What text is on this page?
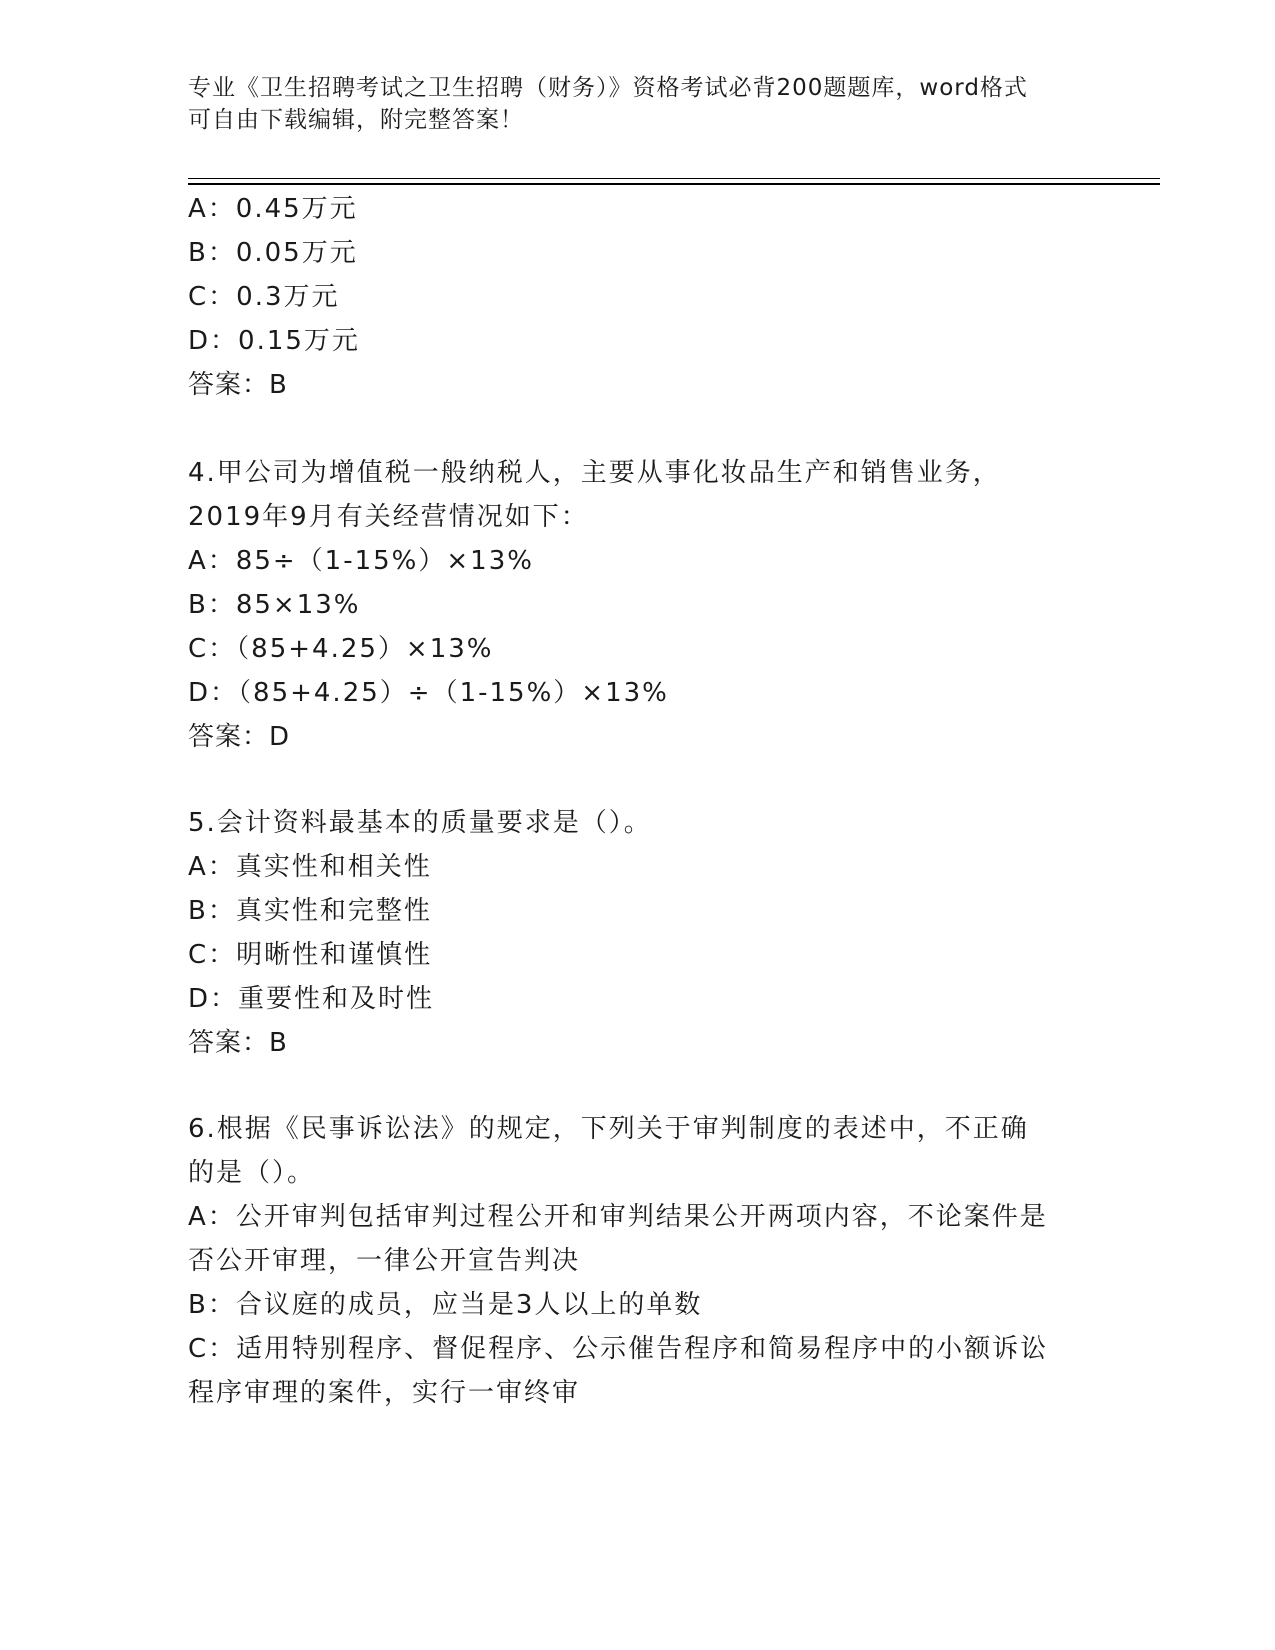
专业《卫生招聘考试之卫生招聘（财务）》资格考试必背200题题库，word格式
可自由下载编辑，附完整答案！
A：0.45万元
B：0.05万元
C：0.3万元
D：0.15万元
答案：B
4.甲公司为增值税一般纳税人，主要从事化妆品生产和销售业务，
2019年9月有关经营情况如下：
A：85÷（1-15%）×13%
B：85×13%
C：（85+4.25）×13%
D：（85+4.25）÷（1-15%）×13%
答案：D
5.会计资料最基本的质量要求是（）。
A：真实性和相关性
B：真实性和完整性
C：明晰性和谨慎性
D：重要性和及时性
答案：B
6.根据《民事诉讼法》的规定，下列关于审判制度的表述中，不正确
的是（）。
A：公开审判包括审判过程公开和审判结果公开两项内容，不论案件是
否公开审理，一律公开宣告判决
B：合议庭的成员，应当是3人以上的单数
C：适用特别程序、督促程序、公示催告程序和简易程序中的小额诉讼
程序审理的案件，实行一审终审
